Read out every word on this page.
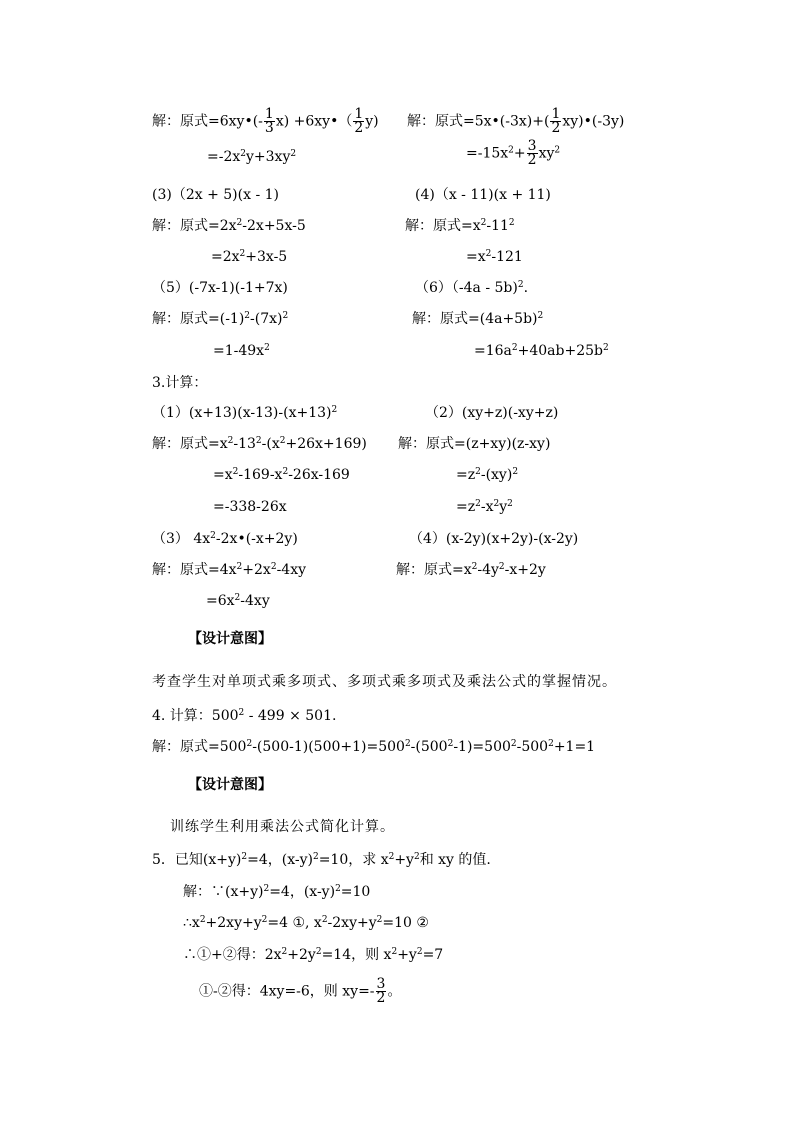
解：原式=6xy•(- $\frac{1}{3} x$) +6xy•（ $\frac{1}{2} y$) 解：原式=5x•(-3x)+( $\frac{1}{2}$ xy)•(-3y)
$=-2x^2y+3xy^2$	$=-15x^2+ \frac{3}{2} xy^2$
(3)（2x + 5)(x - 1)	(4)（x - 11)(x + 11)
解：原式$=2x^2-2x+5x-5$	解：原式$=x^2-11^2$
$=2x^2+3x-5$	$=x^2-121$
（5）(-7x-1)(-1+7x)	（6）（-4a - 5b)$^2$.
解：原式$=(-1)^2-(7x)^2$	解：原式$=(4a+5b)^2$
$=1-49x^2$	$=16a^2+40ab+25b^2$
3.计算：
$(1)(x+13)(x-13)-(x+13)^2$	（2）(xy+z)(-xy+z)
解：原式$=x^2-13^2-(x^2+26x+169)$ 解：原式=(z+xy)(z-xy)
$=x^2-169-x^2-26x-169$	$=z^2-(xy)^2$
=-338-26x	$=z^2-x^2y^2$
（3） $4x^2-2x•(-x+2y)$	（4）(x-2y)(x+2y)-(x-2y)
解：原式$=4x^2+2x^2-4xy$	解：原式$=x^2-4y^2-x+2y$
$=6x^2-4xy$
【设计意图】
考查学生对单项式乘多项式、多项式乘多项式及乘法公式的掌握情况。
4. 计算：$500^2 - 499 \times 501$.
解：原式$=500^2-(500-1)(500+1)=500^2-(500^2-1)=500^2-500^2+1=1$
【设计意图】
训练学生利用乘法公式简化计算。
5．已知$(x+y)^2=4$，$(x-y)^2=10$，求 $x^2+y^2$和 xy 的值.
解：$\because(x+y)^2=4$，$(x-y)^2=10$
$\therefore x^2+2xy+y^2=4$ ①, $x^2-2xy+y^2=10$ ②
∴①+②得：$2x^2+2y^2=14$，则 $x^2+y^2=7$
①-②得：4xy=-6，则 $xy=- \frac{3}{2}$ 。
